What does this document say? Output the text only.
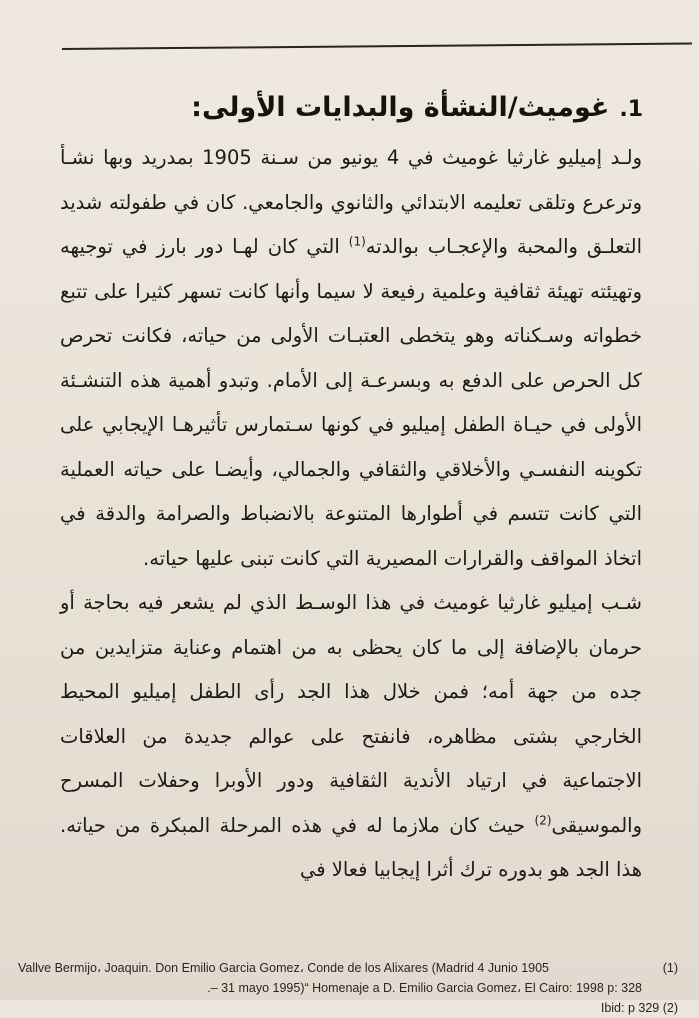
1.غوميث/النشأة والبدايات الأولى:

ولـد إميليو غارثيا غوميث في 4 يونيو من سـنة 1905 بمدريد وبها نشـأ وترعرع وتلقى تعليمه الابتدائي والثانوي والجامعي. كان في طفولته شديد التعلـق والمحبة والإعجـاب بوالدته$^{(1)}$ التي كان لهـا دور بارز في توجيهه وتهيئته تهيئة ثقافية وعلمية رفيعة لا سيما وأنها كانت تسهر كثيرا على تتبع خطواته وسـكناته وهو يتخطى العتبـات الأولى من حياته، فكانت تحرص كل الحرص على الدفع به وبسرعـة إلى الأمام. وتبدو أهمية هذه التنشـئة الأولى في حيـاة الطفل إميليو في كونها سـتمارس تأثيرهـا الإيجابي على تكوينه النفسـي والأخلاقي والثقافي والجمالي، وأيضـا على حياته العملية التي كانت تتسم في أطوارها المتنوعة بالانضباط والصرامة والدقة في اتخاذ المواقف والقرارات المصيرية التي كانت تبنى عليها حياته.

شـب إميليو غارثيا غوميث في هذا الوسـط الذي لم يشعر فيه بحاجة أو حرمان بالإضافة إلى ما كان يحظى به من اهتمام وعناية متزايدين من جده من جهة أمه؛ فمن خلال هذا الجد رأى الطفل إميليو المحيط الخارجي بشتى مظاهره، فانفتح على عوالم جديدة من العلاقات الاجتماعية في ارتياد الأندية الثقافية ودور الأوبرا وحفلات المسرح والموسيقى$^{(2)}$ حيث كان ملازما له في هذه المرحلة المبكرة من حياته. هذا الجد هو بدوره ترك أثرا إيجابيا فعالا في

(1)
Vallve Bermijo، Joaquin. Don Emilio Garcia Gomez، Conde de los Alixares (Madrid 4 Junio 1905
.– 31 mayo 1995)“ Homenaje a D. Emilio Garcia Gomez، El Cairo: 1998 p: 328
Ibid: p 329 (2)
